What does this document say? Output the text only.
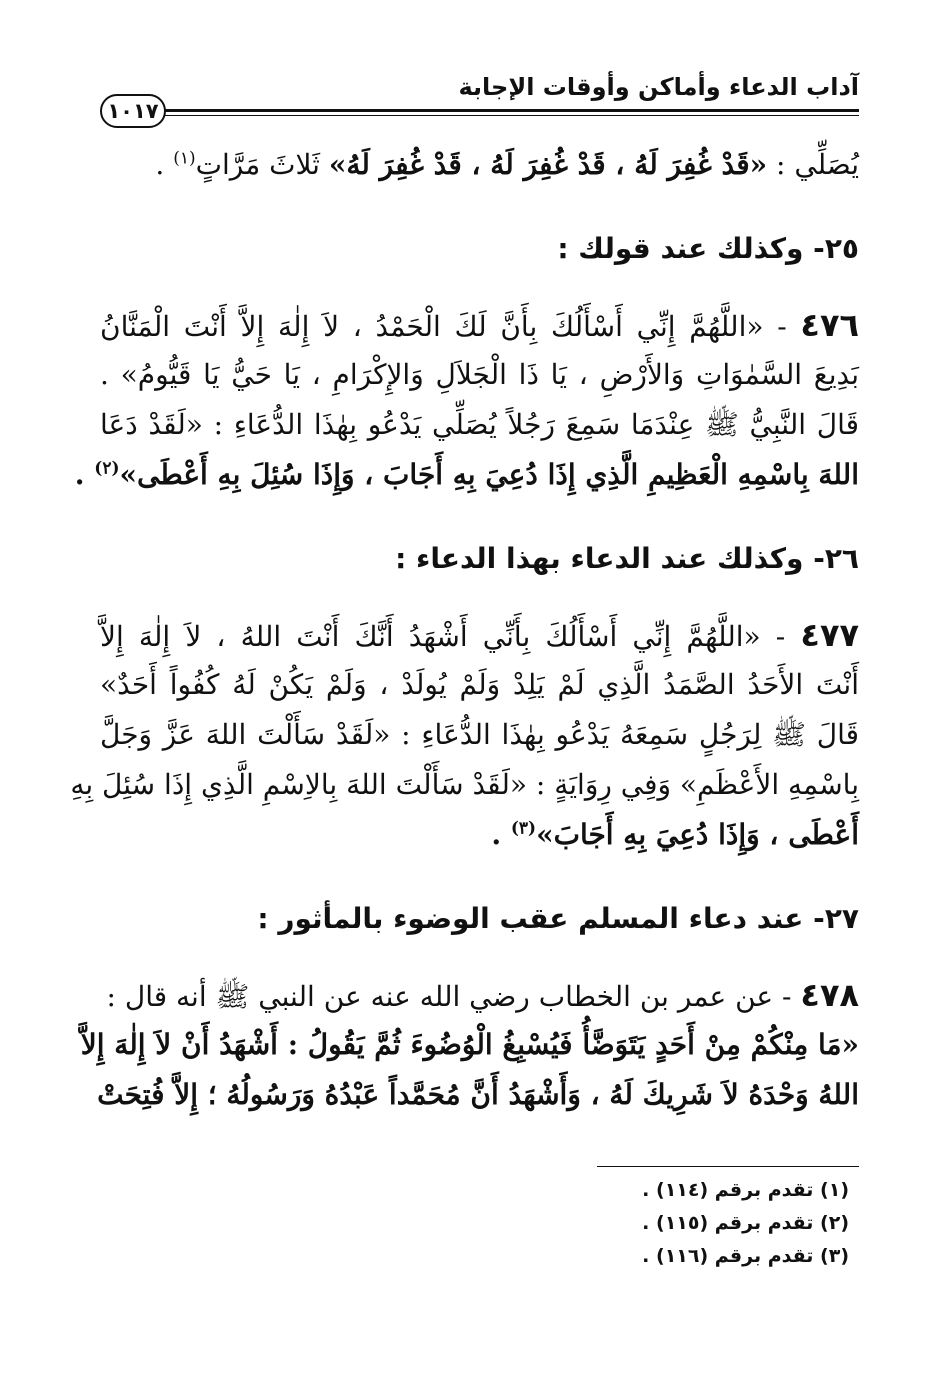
آداب الدعاء وأماكن وأوقات الإجابة
١٠١٧
يُصَلِّي : «قَدْ غُفِرَ لَهُ ، قَدْ غُفِرَ لَهُ ، قَدْ غُفِرَ لَهُ» ثَلاثَ مَرَّاتٍ$^{(١)}$ .
٢٥- وكذلك عند قولك :
٤٧٦ - «اللَّهُمَّ إِنِّي أَسْأَلُكَ بِأَنَّ لَكَ الْحَمْدُ ، لاَ إِلٰهَ إِلاَّ أَنْتَ الْمَنَّانُ
بَدِيعَ السَّمٰوَاتِ وَالأَرْضِ ، يَا ذَا الْجَلاَلِ وَالإِكْرَامِ ، يَا حَيُّ يَا قَيُّومُ» .
قَالَ النَّبِيُّ ﷺ عِنْدَمَا سَمِعَ رَجُلاً يُصَلِّي يَدْعُو بِهٰذَا الدُّعَاءِ : «لَقَدْ دَعَا
اللهَ بِاسْمِهِ الْعَظِيمِ الَّذِي إِذَا دُعِيَ بِهِ أَجَابَ ، وَإِذَا سُئِلَ بِهِ أَعْطَى»$^{(٢)}$ .
٢٦- وكذلك عند الدعاء بهذا الدعاء :
٤٧٧ - «اللَّهُمَّ إِنِّي أَسْأَلُكَ بِأَنِّي أَشْهَدُ أَنَّكَ أَنْتَ اللهُ ، لاَ إِلٰهَ إِلاَّ
أَنْتَ الأَحَدُ الصَّمَدُ الَّذِي لَمْ يَلِدْ وَلَمْ يُولَدْ ، وَلَمْ يَكُنْ لَهُ كُفُواً أَحَدٌ»
قَالَ ﷺ لِرَجُلٍ سَمِعَهُ يَدْعُو بِهٰذَا الدُّعَاءِ : «لَقَدْ سَأَلْتَ اللهَ عَزَّ وَجَلَّ
بِاسْمِهِ الأَعْظَمِ» وَفِي رِوَايَةٍ : «لَقَدْ سَأَلْتَ اللهَ بِالاِسْمِ الَّذِي إِذَا سُئِلَ بِهِ
أَعْطَى ، وَإِذَا دُعِيَ بِهِ أَجَابَ»$^{(٣)}$ .
٢٧- عند دعاء المسلم عقب الوضوء بالمأثور :
٤٧٨ - عن عمر بن الخطاب رضي الله عنه عن النبي ﷺ أنه قال :
«مَا مِنْكُمْ مِنْ أَحَدٍ يَتَوَضَّأُ فَيُسْبِغُ الْوُضُوءَ ثُمَّ يَقُولُ : أَشْهَدُ أَنْ لاَ إِلٰهَ إِلاَّ
اللهُ وَحْدَهُ لاَ شَرِيكَ لَهُ ، وَأَشْهَدُ أَنَّ مُحَمَّداً عَبْدُهُ وَرَسُولُهُ ؛ إِلاَّ فُتِحَتْ
(١) تقدم برقم (١١٤) .
(٢) تقدم برقم (١١٥) .
(٣) تقدم برقم (١١٦) .
